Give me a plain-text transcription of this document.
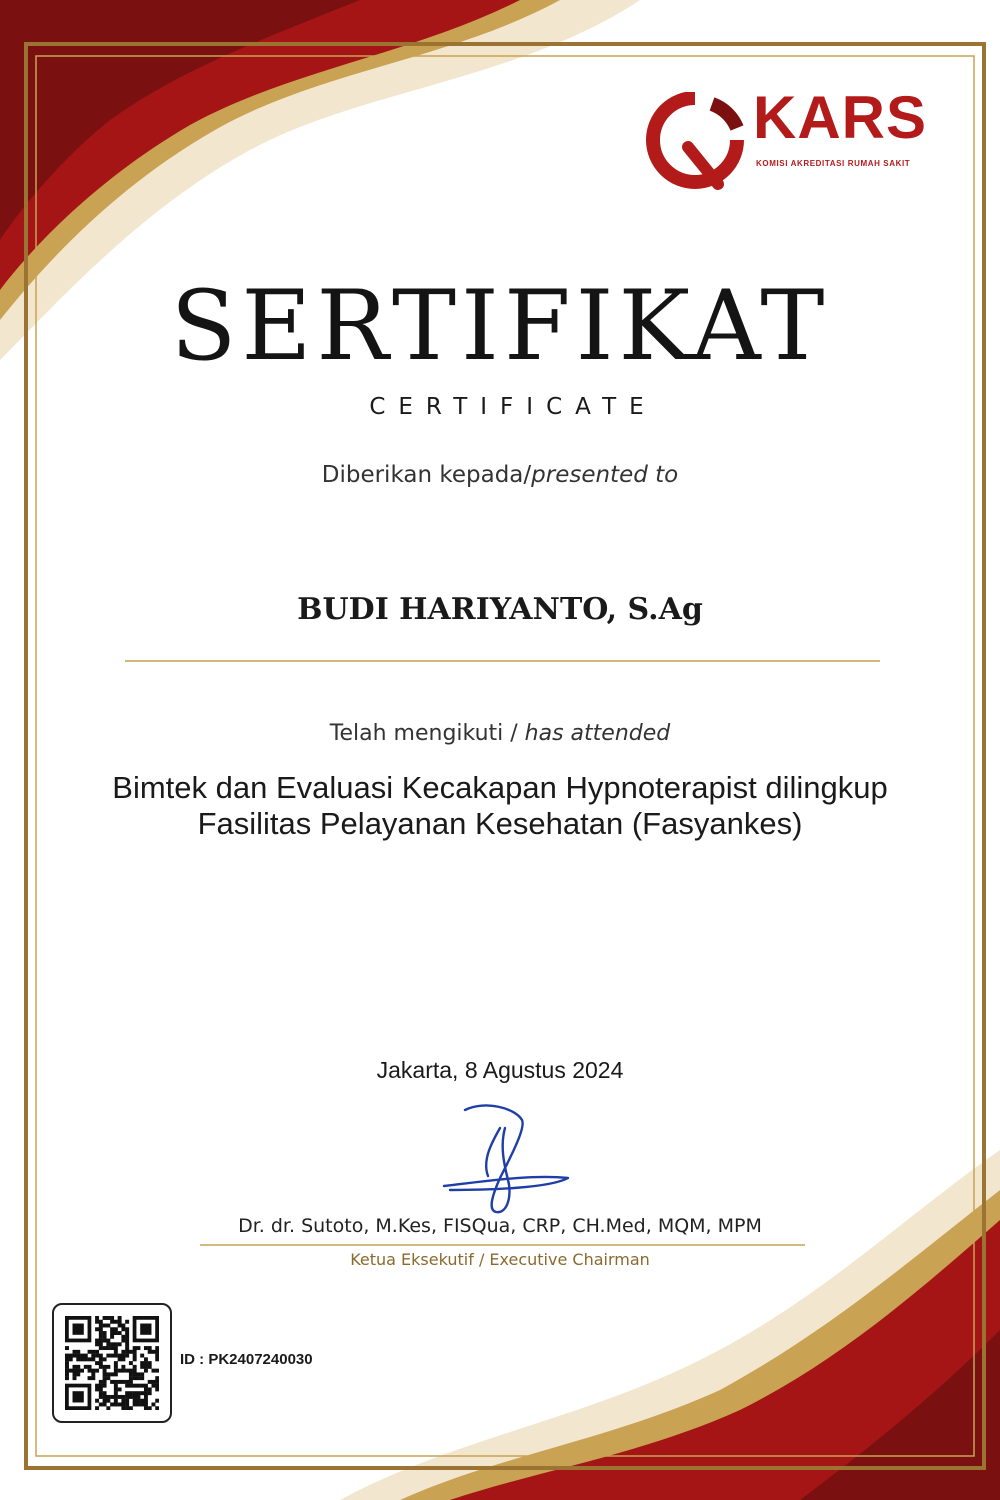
KARS
KOMISI AKREDITASI RUMAH SAKIT
SERTIFIKAT
CERTIFICATE
Diberikan kepada/presented to
BUDI HARIYANTO, S.Ag
Telah mengikuti / has attended
Bimtek dan Evaluasi Kecakapan Hypnoterapist dilingkup
Fasilitas Pelayanan Kesehatan (Fasyankes)
Jakarta, 8 Agustus 2024
Dr. dr. Sutoto, M.Kes, FISQua, CRP, CH.Med, MQM, MPM
Ketua Eksekutif / Executive Chairman
ID : PK2407240030
